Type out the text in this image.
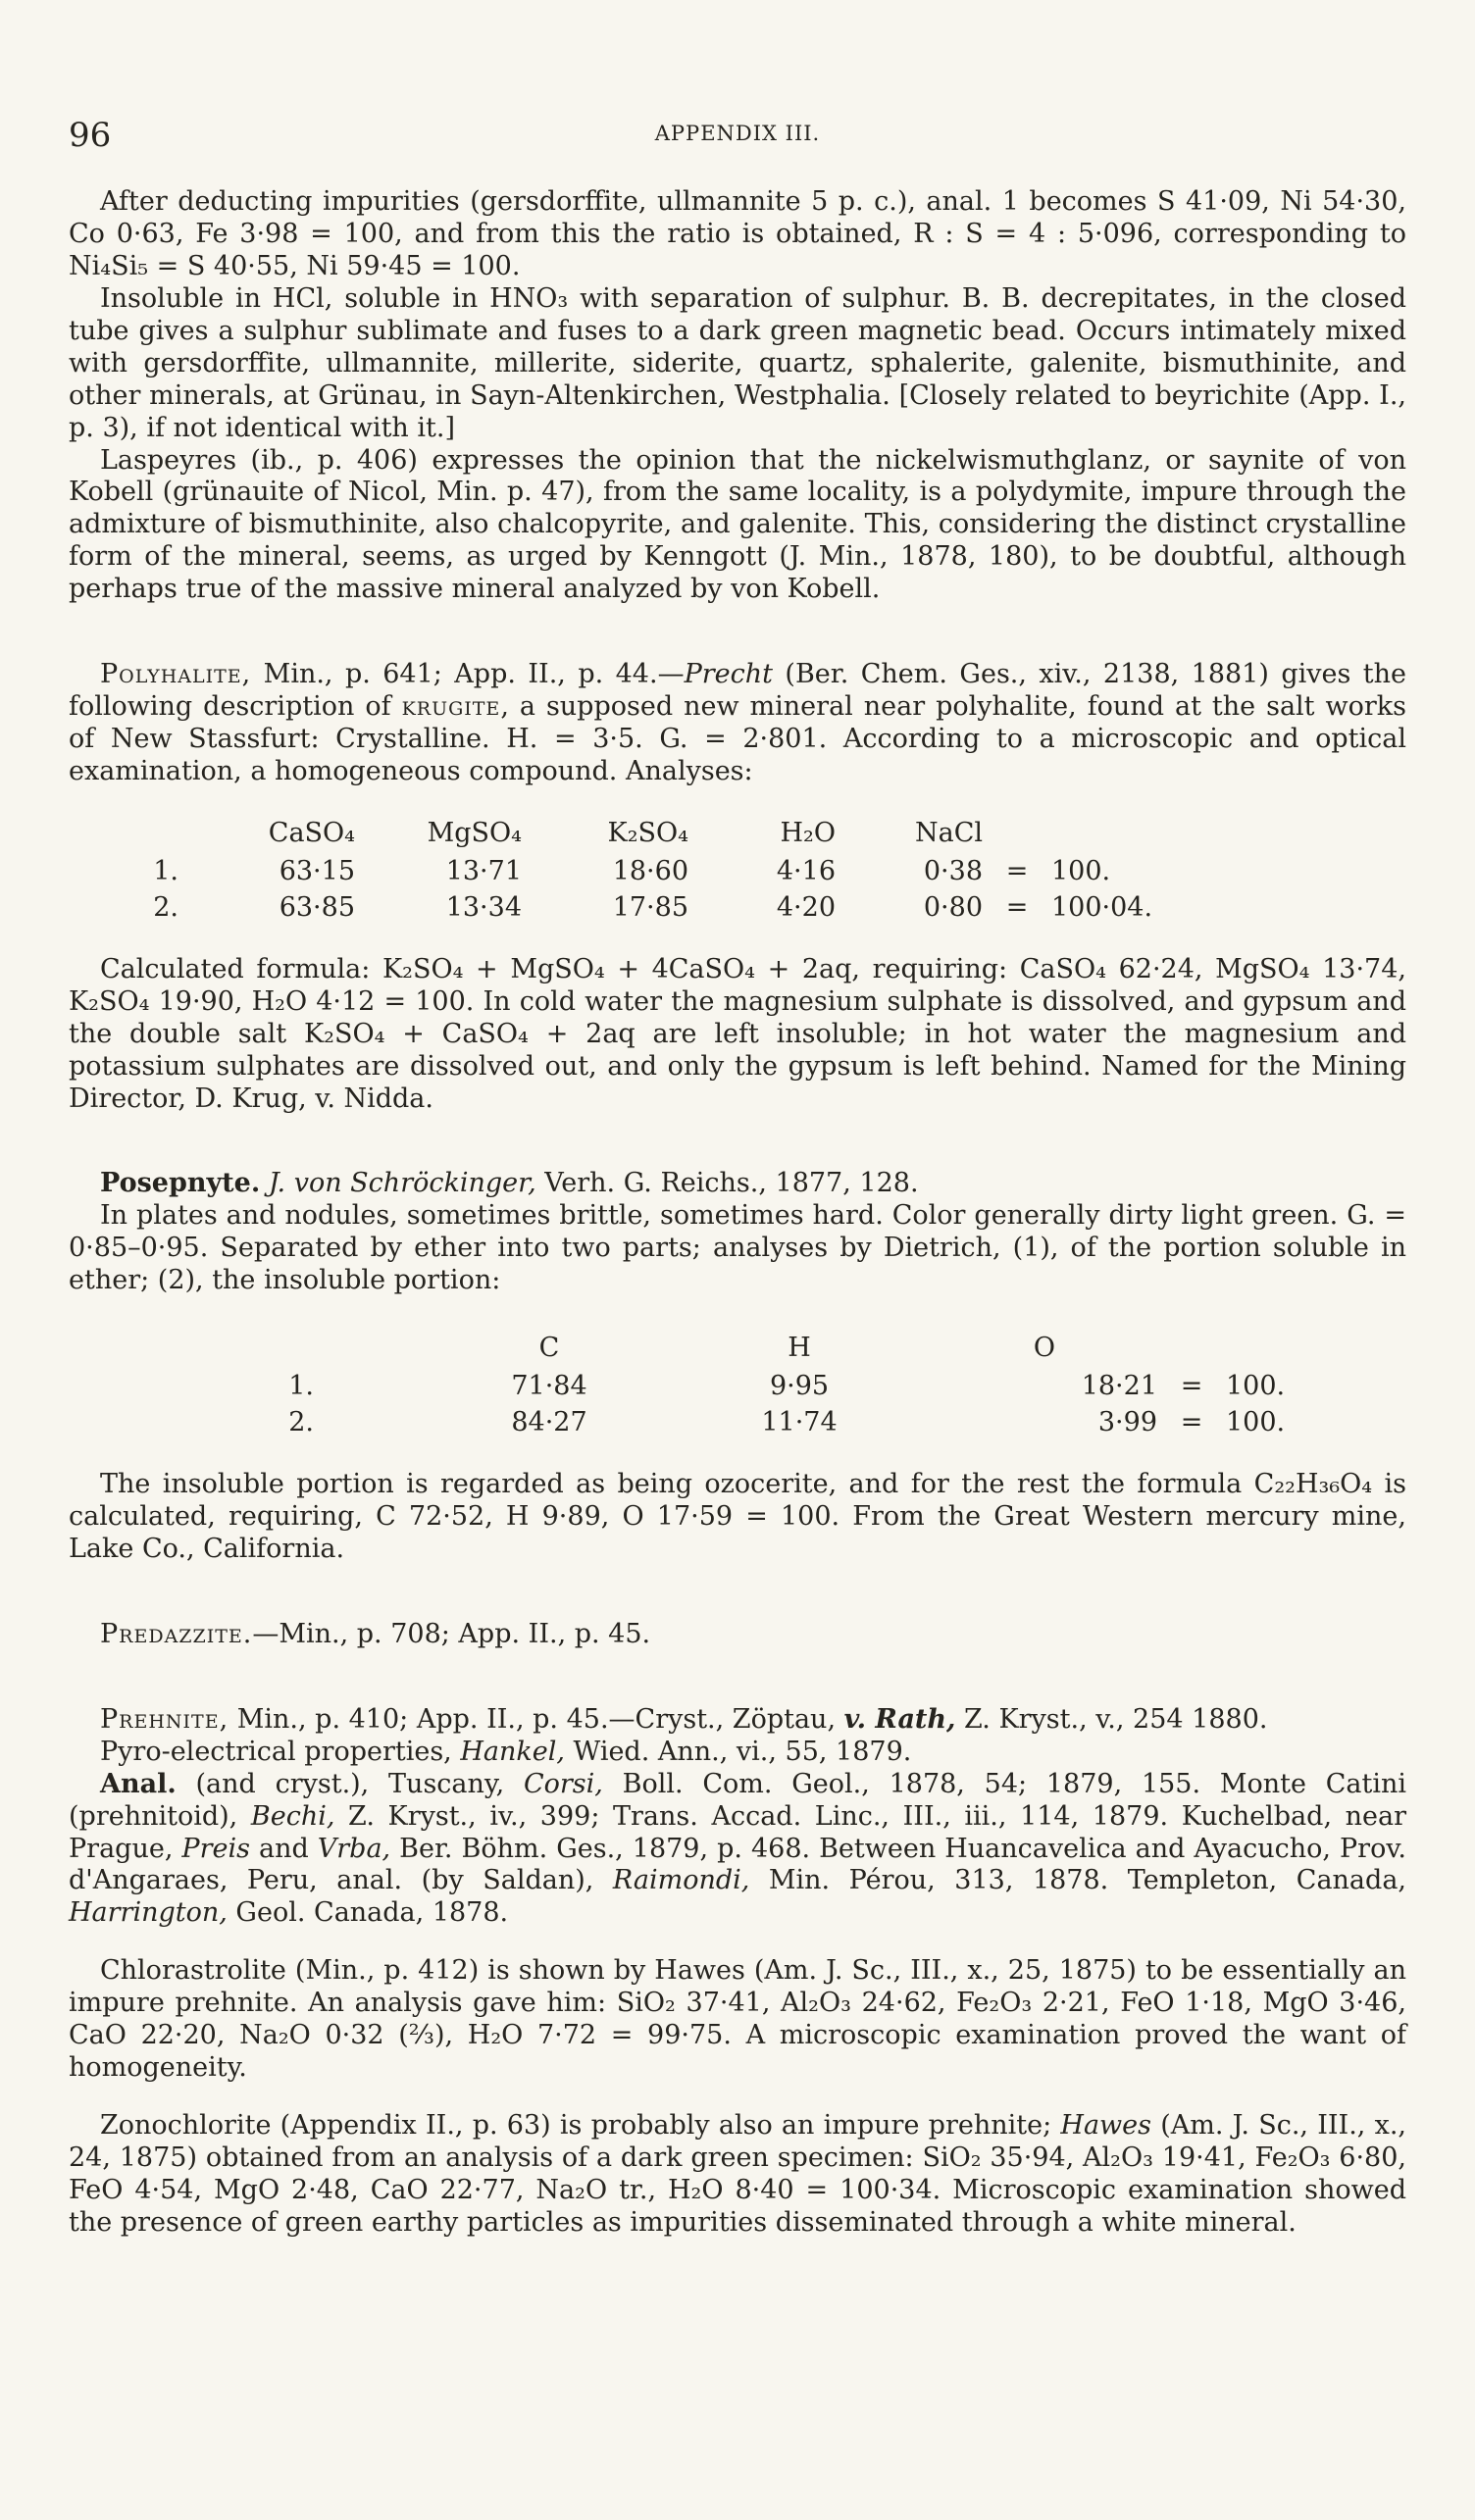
96	APPENDIX III.

After deducting impurities (gersdorffite, ullmannite 5 p. c.), anal. 1 becomes S 41·09, Ni 54·30, Co 0·63, Fe 3·98 = 100, and from this the ratio is obtained, R : S = 4 : 5·096, corresponding to Ni₄Si₅ = S 40·55, Ni 59·45 = 100.

Insoluble in HCl, soluble in HNO₃ with separation of sulphur. B. B. decrepitates, in the closed tube gives a sulphur sublimate and fuses to a dark green magnetic bead. Occurs intimately mixed with gersdorffite, ullmannite, millerite, siderite, quartz, sphalerite, galenite, bismuthinite, and other minerals, at Grünau, in Sayn-Altenkirchen, Westphalia. [Closely related to beyrichite (App. I., p. 3), if not identical with it.]

Laspeyres (ib., p. 406) expresses the opinion that the nickelwismuthglanz, or saynite of von Kobell (grünauite of Nicol, Min. p. 47), from the same locality, is a polydymite, impure through the admixture of bismuthinite, also chalcopyrite, and galenite. This, considering the distinct crystalline form of the mineral, seems, as urged by Kenngott (J. Min., 1878, 180), to be doubtful, although perhaps true of the massive mineral analyzed by von Kobell.

Polyhalite, Min., p. 641; App. II., p. 44.—Precht (Ber. Chem. Ges., xiv., 2138, 1881) gives the following description of krugite, a supposed new mineral near polyhalite, found at the salt works of New Stassfurt: Crystalline. H. = 3·5. G. = 2·801. According to a microscopic and optical examination, a homogeneous compound. Analyses:

	CaSO₄	MgSO₄	K₂SO₄	H₂O	NaCl		
1.	63·15	13·71	18·60	4·16	0·38	=	100.
2.	63·85	13·34	17·85	4·20	0·80	=	100·04.

Calculated formula: K₂SO₄ + MgSO₄ + 4CaSO₄ + 2aq, requiring: CaSO₄ 62·24, MgSO₄ 13·74, K₂SO₄ 19·90, H₂O 4·12 = 100. In cold water the magnesium sulphate is dissolved, and gypsum and the double salt K₂SO₄ + CaSO₄ + 2aq are left insoluble; in hot water the magnesium and potassium sulphates are dissolved out, and only the gypsum is left behind. Named for the Mining Director, D. Krug, v. Nidda.

Posepnyte. J. von Schröckinger, Verh. G. Reichs., 1877, 128.

In plates and nodules, sometimes brittle, sometimes hard. Color generally dirty light green. G. = 0·85–0·95. Separated by ether into two parts; analyses by Dietrich, (1), of the portion soluble in ether; (2), the insoluble portion:

	C	H	O		
1.	71·84	9·95	18·21	=	100.
2.	84·27	11·74	3·99	=	100.

The insoluble portion is regarded as being ozocerite, and for the rest the formula C₂₂H₃₆O₄ is calculated, requiring, C 72·52, H 9·89, O 17·59 = 100. From the Great Western mercury mine, Lake Co., California.

Predazzite.—Min., p. 708; App. II., p. 45.

Prehnite, Min., p. 410; App. II., p. 45.—Cryst., Zöptau, v. Rath, Z. Kryst., v., 254 1880.

Pyro-electrical properties, Hankel, Wied. Ann., vi., 55, 1879.

Anal. (and cryst.), Tuscany, Corsi, Boll. Com. Geol., 1878, 54; 1879, 155. Monte Catini (prehnitoid), Bechi, Z. Kryst., iv., 399; Trans. Accad. Linc., III., iii., 114, 1879. Kuchelbad, near Prague, Preis and Vrba, Ber. Böhm. Ges., 1879, p. 468. Between Huancavelica and Ayacucho, Prov. d'Angaraes, Peru, anal. (by Saldan), Raimondi, Min. Pérou, 313, 1878. Templeton, Canada, Harrington, Geol. Canada, 1878.

Chlorastrolite (Min., p. 412) is shown by Hawes (Am. J. Sc., III., x., 25, 1875) to be essentially an impure prehnite. An analysis gave him: SiO₂ 37·41, Al₂O₃ 24·62, Fe₂O₃ 2·21, FeO 1·18, MgO 3·46, CaO 22·20, Na₂O 0·32 (⅔), H₂O 7·72 = 99·75. A microscopic examination proved the want of homogeneity.

Zonochlorite (Appendix II., p. 63) is probably also an impure prehnite; Hawes (Am. J. Sc., III., x., 24, 1875) obtained from an analysis of a dark green specimen: SiO₂ 35·94, Al₂O₃ 19·41, Fe₂O₃ 6·80, FeO 4·54, MgO 2·48, CaO 22·77, Na₂O tr., H₂O 8·40 = 100·34. Microscopic examination showed the presence of green earthy particles as impurities disseminated through a white mineral.
